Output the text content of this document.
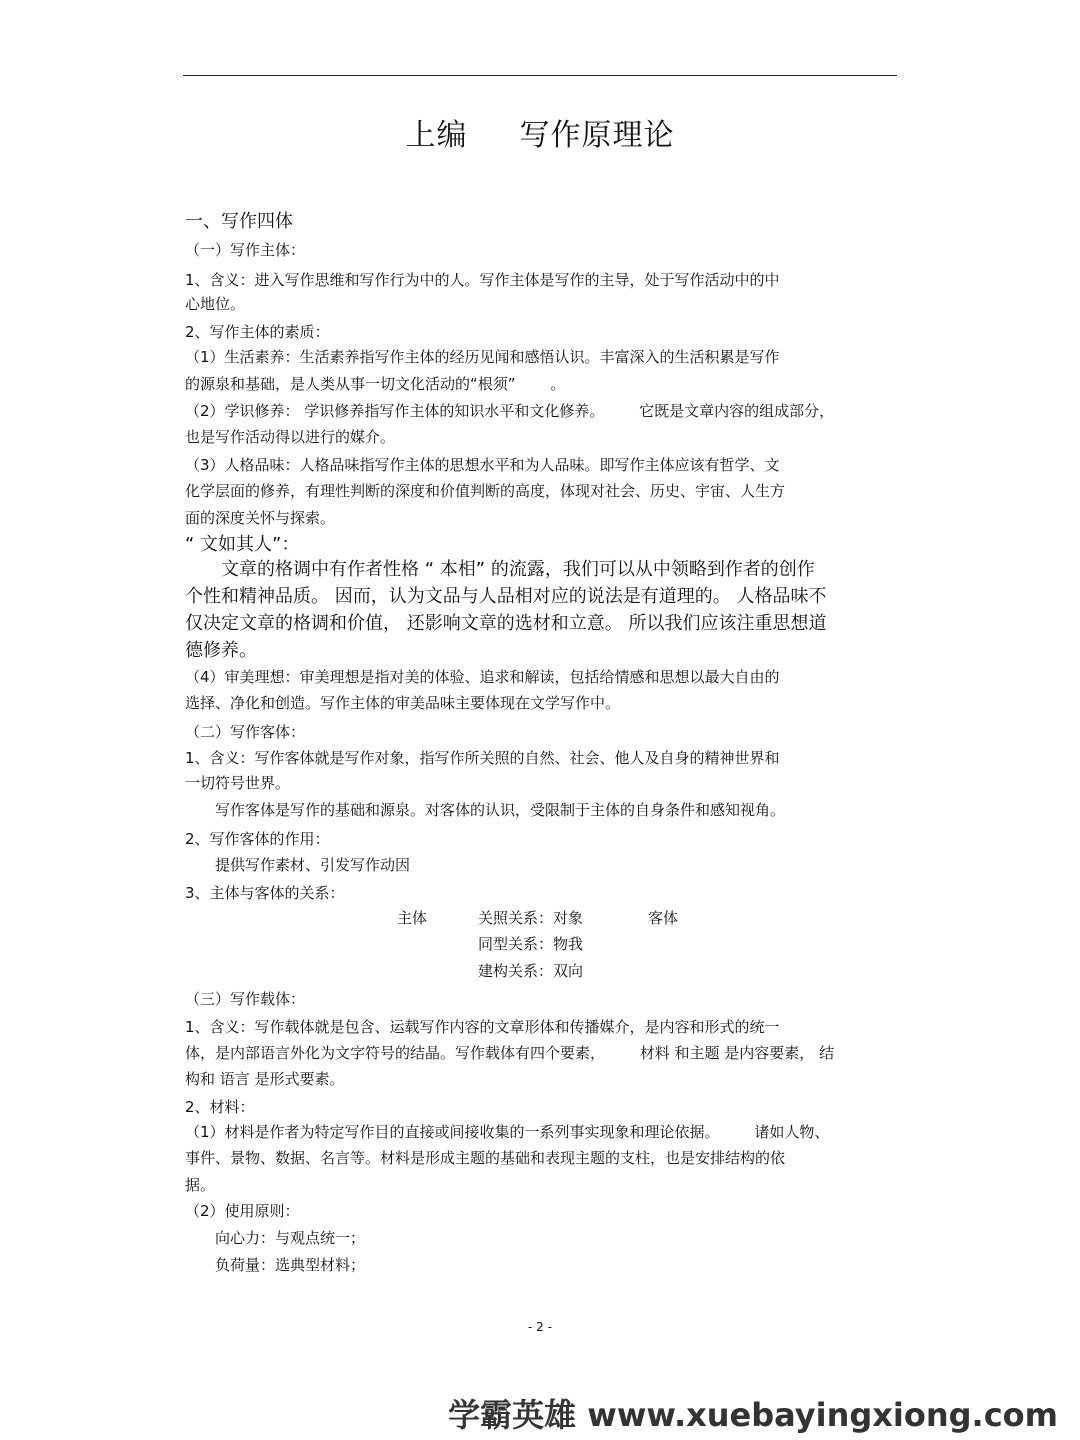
上编 写作原理论
一、写作四体
（一）写作主体：
1、含义：进入写作思维和写作行为中的人。写作主体是写作的主导，处于写作活动中的中
心地位。
2、写作主体的素质：
（1）生活素养：生活素养指写作主体的经历见闻和感悟认识。丰富深入的生活积累是写作
的源泉和基础，是人类从事一切文化活动的“根须” 　　。
（2）学识修养： 学识修养指写作主体的知识水平和文化修养。 　　它既是文章内容的组成部分，
也是写作活动得以进行的媒介。
（3）人格品味：人格品味指写作主体的思想水平和为人品味。即写作主体应该有哲学、文
化学层面的修养，有理性判断的深度和价值判断的高度，体现对社会、历史、宇宙、人生方
面的深度关怀与探索。
“ 文如其人”：
　　文章的格调中有作者性格 “ 本相” 的流露，我们可以从中领略到作者的创作
个性和精神品质。 因而，认为文品与人品相对应的说法是有道理的。 人格品味不
仅决定文章的格调和价值， 还影响文章的选材和立意。 所以我们应该注重思想道
德修养。
（4）审美理想：审美理想是指对美的体验、追求和解读，包括给情感和思想以最大自由的
选择、净化和创造。写作主体的审美品味主要体现在文学写作中。
（二）写作客体：
1、含义：写作客体就是写作对象，指写作所关照的自然、社会、他人及自身的精神世界和
一切符号世界。
　　写作客体是写作的基础和源泉。对客体的认识，受限制于主体的自身条件和感知视角。
2、写作客体的作用：
　　提供写作素材、引发写作动因
3、主体与客体的关系：
主体	关照关系：对象	客体
同型关系：物我
建构关系：双向
（三）写作载体：
1、含义：写作载体就是包含、运载写作内容的文章形体和传播媒介，是内容和形式的统一
体，是内部语言外化为文字符号的结晶。写作载体有四个要素， 　　材料 和主题 是内容要素， 结
构和 语言 是形式要素。
2、材料：
（1）材料是作者为特定写作目的直接或间接收集的一系列事实现象和理论依据。 　　诸如人物、
事件、景物、数据、名言等。材料是形成主题的基础和表现主题的支柱，也是安排结构的依
据。
（2）使用原则：
　　向心力：与观点统一；
　　负荷量：选典型材料；
- 2 -
学霸英雄 www.xuebayingxiong.com
